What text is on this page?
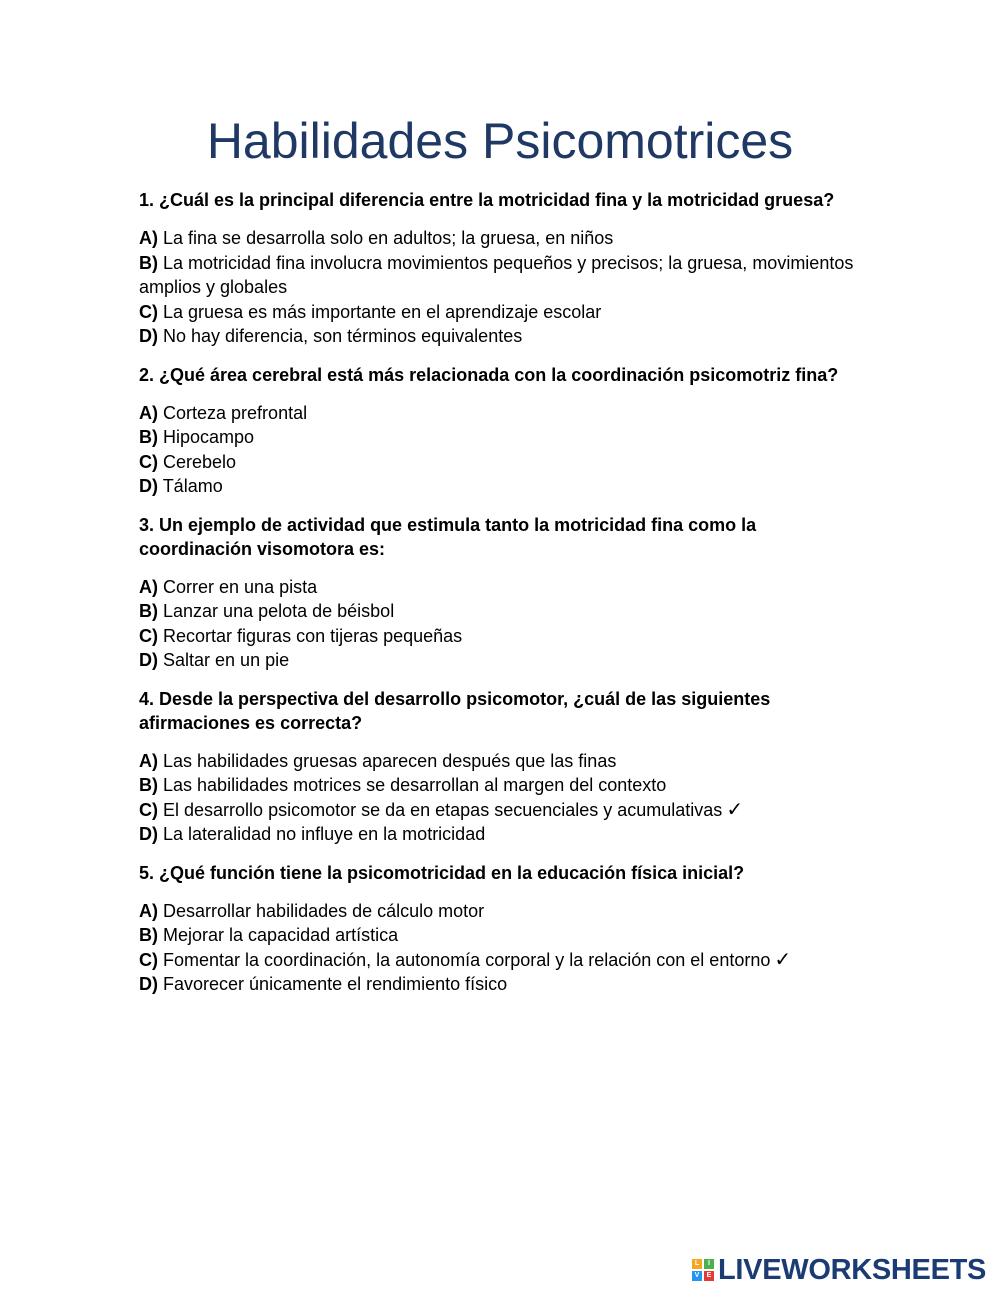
Habilidades Psicomotrices

1. ¿Cuál es la principal diferencia entre la motricidad fina y la motricidad gruesa?

A) La fina se desarrolla solo en adultos; la gruesa, en niños
B) La motricidad fina involucra movimientos pequeños y precisos; la gruesa, movimientos amplios y globales
C) La gruesa es más importante en el aprendizaje escolar
D) No hay diferencia, son términos equivalentes

2. ¿Qué área cerebral está más relacionada con la coordinación psicomotriz fina?

A) Corteza prefrontal
B) Hipocampo
C) Cerebelo
D) Tálamo

3. Un ejemplo de actividad que estimula tanto la motricidad fina como la coordinación visomotora es:

A) Correr en una pista
B) Lanzar una pelota de béisbol
C) Recortar figuras con tijeras pequeñas
D) Saltar en un pie

4. Desde la perspectiva del desarrollo psicomotor, ¿cuál de las siguientes afirmaciones es correcta?

A) Las habilidades gruesas aparecen después que las finas
B) Las habilidades motrices se desarrollan al margen del contexto
C) El desarrollo psicomotor se da en etapas secuenciales y acumulativas ✓
D) La lateralidad no influye en la motricidad

5. ¿Qué función tiene la psicomotricidad en la educación física inicial?

A) Desarrollar habilidades de cálculo motor
B) Mejorar la capacidad artística
C) Fomentar la coordinación, la autonomía corporal y la relación con el entorno ✓
D) Favorecer únicamente el rendimiento físico
L	I
V	E LIVEWORKSHEETS
